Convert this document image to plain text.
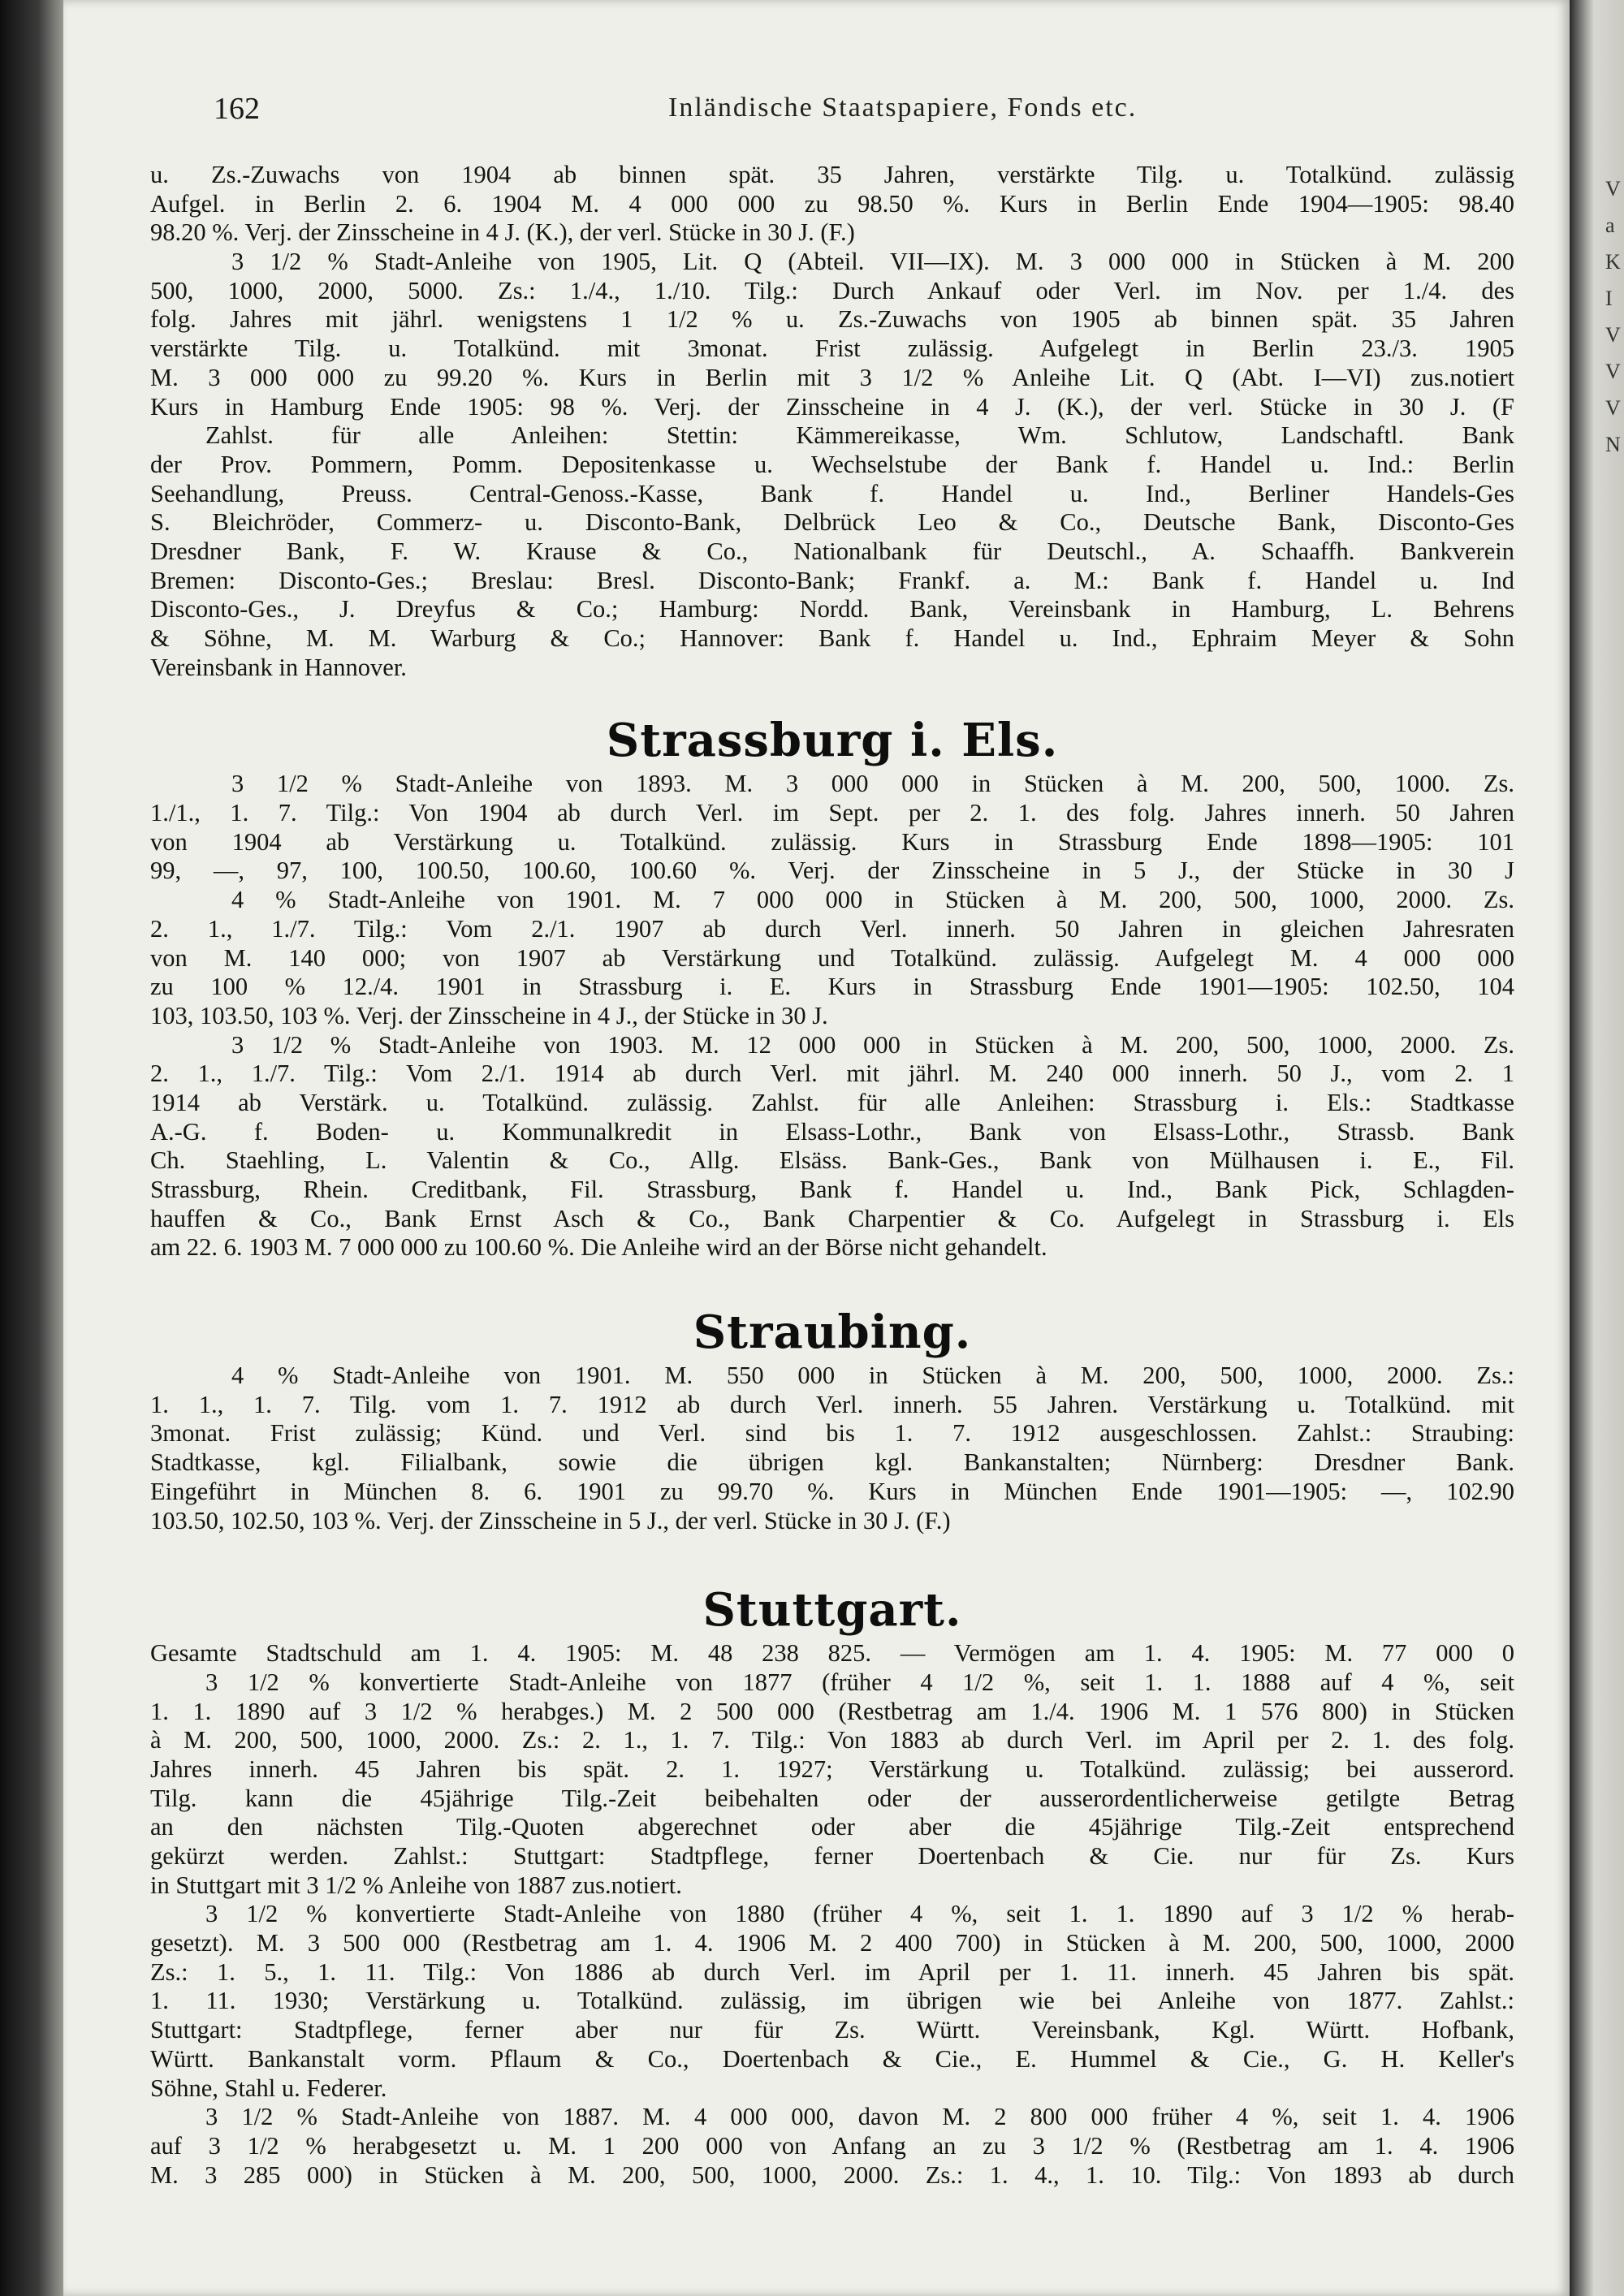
V a K I V V V N
162	Inländische Staatspapiere, Fonds etc.
u. Zs.-Zuwachs von 1904 ab binnen spät. 35 Jahren, verstärkte Tilg. u. Totalkünd. zulässig
Aufgel. in Berlin 2. 6. 1904 M. 4 000 000 zu 98.50 %. Kurs in Berlin Ende 1904—1905: 98.40
98.20 %. Verj. der Zinsscheine in 4 J. (K.), der verl. Stücke in 30 J. (F.)
3 1/2 % Stadt-Anleihe von 1905, Lit. Q (Abteil. VII—IX). M. 3 000 000 in Stücken à M. 200
500, 1000, 2000, 5000. Zs.: 1./4., 1./10. Tilg.: Durch Ankauf oder Verl. im Nov. per 1./4. des
folg. Jahres mit jährl. wenigstens 1 1/2 % u. Zs.-Zuwachs von 1905 ab binnen spät. 35 Jahren
verstärkte Tilg. u. Totalkünd. mit 3monat. Frist zulässig. Aufgelegt in Berlin 23./3. 1905
M. 3 000 000 zu 99.20 %. Kurs in Berlin mit 3 1/2 % Anleihe Lit. Q (Abt. I—VI) zus.notiert
Kurs in Hamburg Ende 1905: 98 %. Verj. der Zinsscheine in 4 J. (K.), der verl. Stücke in 30 J. (F
Zahlst. für alle Anleihen: Stettin: Kämmereikasse, Wm. Schlutow, Landschaftl. Bank
der Prov. Pommern, Pomm. Depositenkasse u. Wechselstube der Bank f. Handel u. Ind.: Berlin
Seehandlung, Preuss. Central-Genoss.-Kasse, Bank f. Handel u. Ind., Berliner Handels-Ges
S. Bleichröder, Commerz- u. Disconto-Bank, Delbrück Leo & Co., Deutsche Bank, Disconto-Ges
Dresdner Bank, F. W. Krause & Co., Nationalbank für Deutschl., A. Schaaffh. Bankverein
Bremen: Disconto-Ges.; Breslau: Bresl. Disconto-Bank; Frankf. a. M.: Bank f. Handel u. Ind
Disconto-Ges., J. Dreyfus & Co.; Hamburg: Nordd. Bank, Vereinsbank in Hamburg, L. Behrens
& Söhne, M. M. Warburg & Co.; Hannover: Bank f. Handel u. Ind., Ephraim Meyer & Sohn
Vereinsbank in Hannover.
Strassburg i. Els.
3 1/2 % Stadt-Anleihe von 1893. M. 3 000 000 in Stücken à M. 200, 500, 1000. Zs.
1./1., 1. 7. Tilg.: Von 1904 ab durch Verl. im Sept. per 2. 1. des folg. Jahres innerh. 50 Jahren
von 1904 ab Verstärkung u. Totalkünd. zulässig. Kurs in Strassburg Ende 1898—1905: 101
99, —, 97, 100, 100.50, 100.60, 100.60 %. Verj. der Zinsscheine in 5 J., der Stücke in 30 J
4 % Stadt-Anleihe von 1901. M. 7 000 000 in Stücken à M. 200, 500, 1000, 2000. Zs.
2. 1., 1./7. Tilg.: Vom 2./1. 1907 ab durch Verl. innerh. 50 Jahren in gleichen Jahresraten
von M. 140 000; von 1907 ab Verstärkung und Totalkünd. zulässig. Aufgelegt M. 4 000 000
zu 100 % 12./4. 1901 in Strassburg i. E. Kurs in Strassburg Ende 1901—1905: 102.50, 104
103, 103.50, 103 %. Verj. der Zinsscheine in 4 J., der Stücke in 30 J.
3 1/2 % Stadt-Anleihe von 1903. M. 12 000 000 in Stücken à M. 200, 500, 1000, 2000. Zs.
2. 1., 1./7. Tilg.: Vom 2./1. 1914 ab durch Verl. mit jährl. M. 240 000 innerh. 50 J., vom 2. 1
1914 ab Verstärk. u. Totalkünd. zulässig. Zahlst. für alle Anleihen: Strassburg i. Els.: Stadtkasse
A.-G. f. Boden- u. Kommunalkredit in Elsass-Lothr., Bank von Elsass-Lothr., Strassb. Bank
Ch. Staehling, L. Valentin & Co., Allg. Elsäss. Bank-Ges., Bank von Mülhausen i. E., Fil.
Strassburg, Rhein. Creditbank, Fil. Strassburg, Bank f. Handel u. Ind., Bank Pick, Schlagden-
hauffen & Co., Bank Ernst Asch & Co., Bank Charpentier & Co. Aufgelegt in Strassburg i. Els
am 22. 6. 1903 M. 7 000 000 zu 100.60 %. Die Anleihe wird an der Börse nicht gehandelt.
Straubing.
4 % Stadt-Anleihe von 1901. M. 550 000 in Stücken à M. 200, 500, 1000, 2000. Zs.:
1. 1., 1. 7. Tilg. vom 1. 7. 1912 ab durch Verl. innerh. 55 Jahren. Verstärkung u. Totalkünd. mit
3monat. Frist zulässig; Künd. und Verl. sind bis 1. 7. 1912 ausgeschlossen. Zahlst.: Straubing:
Stadtkasse, kgl. Filialbank, sowie die übrigen kgl. Bankanstalten; Nürnberg: Dresdner Bank.
Eingeführt in München 8. 6. 1901 zu 99.70 %. Kurs in München Ende 1901—1905: —, 102.90
103.50, 102.50, 103 %. Verj. der Zinsscheine in 5 J., der verl. Stücke in 30 J. (F.)
Stuttgart.
Gesamte Stadtschuld am 1. 4. 1905: M. 48 238 825. — Vermögen am 1. 4. 1905: M. 77 000 0
3 1/2 % konvertierte Stadt-Anleihe von 1877 (früher 4 1/2 %, seit 1. 1. 1888 auf 4 %, seit
1. 1. 1890 auf 3 1/2 % herabges.) M. 2 500 000 (Restbetrag am 1./4. 1906 M. 1 576 800) in Stücken
à M. 200, 500, 1000, 2000. Zs.: 2. 1., 1. 7. Tilg.: Von 1883 ab durch Verl. im April per 2. 1. des folg.
Jahres innerh. 45 Jahren bis spät. 2. 1. 1927; Verstärkung u. Totalkünd. zulässig; bei ausserord.
Tilg. kann die 45jährige Tilg.-Zeit beibehalten oder der ausserordentlicherweise getilgte Betrag
an den nächsten Tilg.-Quoten abgerechnet oder aber die 45jährige Tilg.-Zeit entsprechend
gekürzt werden. Zahlst.: Stuttgart: Stadtpflege, ferner Doertenbach & Cie. nur für Zs. Kurs
in Stuttgart mit 3 1/2 % Anleihe von 1887 zus.notiert.
3 1/2 % konvertierte Stadt-Anleihe von 1880 (früher 4 %, seit 1. 1. 1890 auf 3 1/2 % herab-
gesetzt). M. 3 500 000 (Restbetrag am 1. 4. 1906 M. 2 400 700) in Stücken à M. 200, 500, 1000, 2000
Zs.: 1. 5., 1. 11. Tilg.: Von 1886 ab durch Verl. im April per 1. 11. innerh. 45 Jahren bis spät.
1. 11. 1930; Verstärkung u. Totalkünd. zulässig, im übrigen wie bei Anleihe von 1877. Zahlst.:
Stuttgart: Stadtpflege, ferner aber nur für Zs. Württ. Vereinsbank, Kgl. Württ. Hofbank,
Württ. Bankanstalt vorm. Pflaum & Co., Doertenbach & Cie., E. Hummel & Cie., G. H. Keller's
Söhne, Stahl u. Federer.
3 1/2 % Stadt-Anleihe von 1887. M. 4 000 000, davon M. 2 800 000 früher 4 %, seit 1. 4. 1906
auf 3 1/2 % herabgesetzt u. M. 1 200 000 von Anfang an zu 3 1/2 % (Restbetrag am 1. 4. 1906
M. 3 285 000) in Stücken à M. 200, 500, 1000, 2000. Zs.: 1. 4., 1. 10. Tilg.: Von 1893 ab durch
